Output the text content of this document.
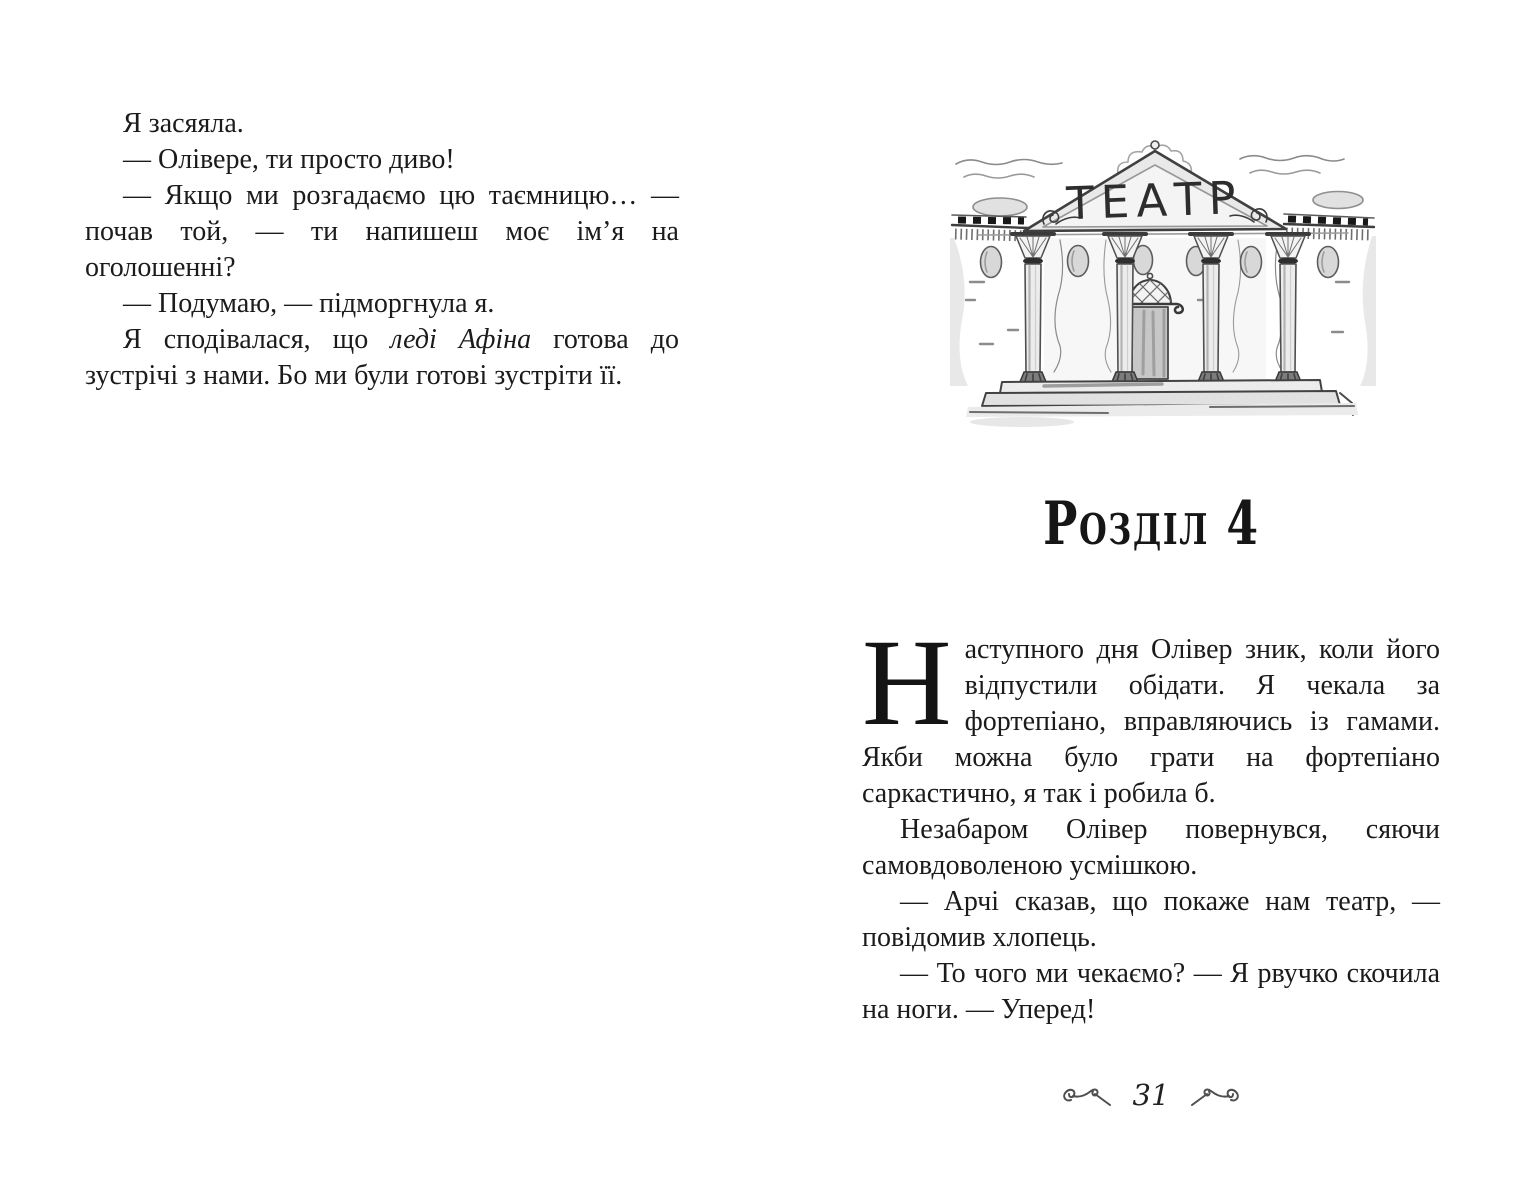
Я засяяла.

— Олівере, ти просто диво!

— Якщо ми розгадаємо цю таємницю… — почав той, — ти напишеш моє ім’я на оголошенні?

— Подумаю, — підморгнула я.

Я сподівалася, що леді Афіна готова до зустрічі з нами. Бо ми були готові зустріти її.

ТЕАТР
Розділ 4

Наступного дня Олівер зник, коли його відпустили обідати. Я чекала за фортепіано, вправляючись із гамами. Якби можна було грати на фортепіано саркастично, я так і робила б.

Незабаром Олівер повернувся, сяючи самовдоволеною усмішкою.

— Арчі сказав, що покаже нам театр, — повідомив хлопець.

— То чого ми чекаємо? — Я рвучко скочила на ноги. — Уперед!

31
